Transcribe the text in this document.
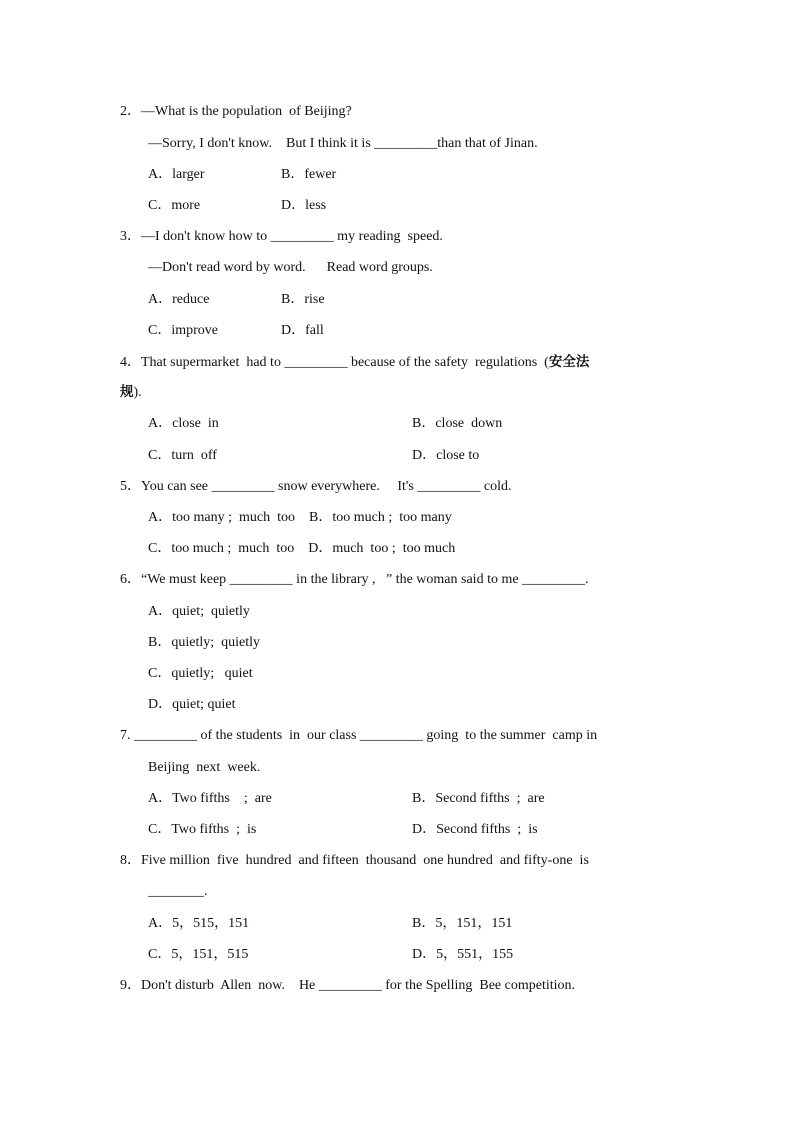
2．—What is the population  of Beijing?
—Sorry, I don't know.    But I think it is _________than that of Jinan.
A．larger	B．fewer
C．more	D．less
3．—I don't know how to _________ my reading  speed.
—Don't read word by word.      Read word groups.
A．reduce	B．rise
C．improve	D．fall
4．That supermarket  had to _________ because of the safety  regulations  (安全法
规).
A．close  in	B．close  down
C．turn  off	D．close to
5．You can see _________ snow everywhere.     It's _________ cold.
A．too many ;  much  too    B．too much ;  too many
C．too much ;  much  too    D．much  too ;  too much
6．“We must keep _________ in the library ,   ” the woman said to me _________.
A．quiet;  quietly
B．quietly;  quietly
C．quietly;   quiet
D．quiet; quiet
7. _________ of the students  in  our class _________ going  to the summer  camp in
Beijing  next  week.
A．Two fifths    ;  are	B．Second fifths  ;  are
C．Two fifths  ;  is	D．Second fifths  ;  is
8．Five million  five  hundred  and fifteen  thousand  one hundred  and fifty-one  is
________.
A．5，515，151	B．5，151，151
C．5，151，515	D．5，551，155
9．Don't disturb  Allen  now.    He _________ for the Spelling  Bee competition.
